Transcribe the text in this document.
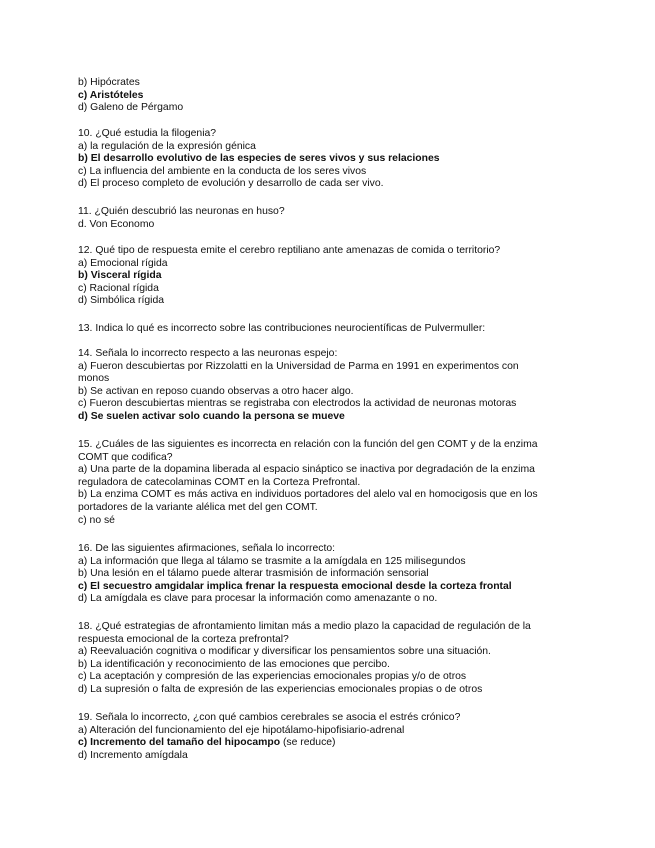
b) Hipócrates
c) Aristóteles
d) Galeno de Pérgamo
10. ¿Qué estudia la filogenia?
a) la regulación de la expresión génica
b) El desarrollo evolutivo de las especies de seres vivos y sus relaciones
c) La influencia del ambiente en la conducta de los seres vivos
d) El proceso completo de evolución y desarrollo de cada ser vivo.
11. ¿Quién descubrió las neuronas en huso?
d. Von Economo
12. Qué tipo de respuesta emite el cerebro reptiliano ante amenazas de comida o territorio?
a) Emocional rígida
b) Visceral rígida
c) Racional rígida
d) Simbólica rígida
13. Indica lo qué es incorrecto sobre las contribuciones neurocientíficas de Pulvermuller:
14. Señala lo incorrecto respecto a las neuronas espejo:
a) Fueron descubiertas por Rizzolatti en la Universidad de Parma en 1991 en experimentos con
monos
b) Se activan en reposo cuando observas a otro hacer algo.
c) Fueron descubiertas mientras se registraba con electrodos la actividad de neuronas motoras
d) Se suelen activar solo cuando la persona se mueve
15. ¿Cuáles de las siguientes es incorrecta en relación con la función del gen COMT y de la enzima
COMT que codifica?
a) Una parte de la dopamina liberada al espacio sináptico se inactiva por degradación de la enzima
reguladora de catecolaminas COMT en la Corteza Prefrontal.
b) La enzima COMT es más activa en individuos portadores del alelo val en homocigosis que en los
portadores de la variante alélica met del gen COMT.
c) no sé
16. De las siguientes afirmaciones, señala lo incorrecto:
a) La información que llega al tálamo se trasmite a la amígdala en 125 milisegundos
b) Una lesión en el tálamo puede alterar trasmisión de información sensorial
c) El secuestro amgidalar implica frenar la respuesta emocional desde la corteza frontal
d) La amígdala es clave para procesar la información como amenazante o no.
18. ¿Qué estrategias de afrontamiento limitan más a medio plazo la capacidad de regulación de la
respuesta emocional de la corteza prefrontal?
a) Reevaluación cognitiva o modificar y diversificar los pensamientos sobre una situación.
b) La identificación y reconocimiento de las emociones que percibo.
c) La aceptación y compresión de las experiencias emocionales propias y/o de otros
d) La supresión o falta de expresión de las experiencias emocionales propias o de otros
19. Señala lo incorrecto, ¿con qué cambios cerebrales se asocia el estrés crónico?
a) Alteración del funcionamiento del eje hipotálamo-hipofisiario-adrenal
c) Incremento del tamaño del hipocampo (se reduce)
d) Incremento amígdala
